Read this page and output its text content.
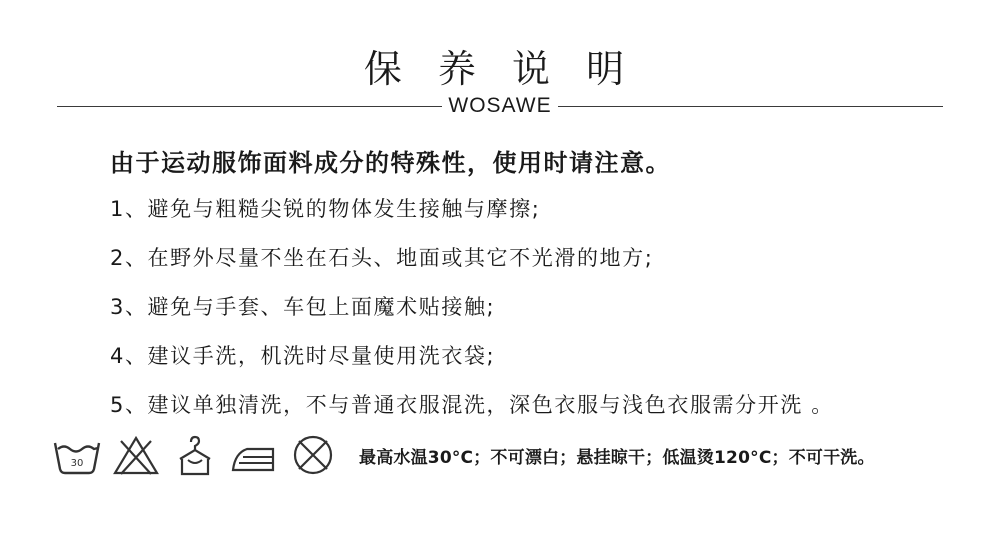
保 养 说 明
WOSAWE
由于运动服饰面料成分的特殊性，使用时请注意。
1、避免与粗糙尖锐的物体发生接触与摩擦;
2、在野外尽量不坐在石头、地面或其它不光滑的地方;
3、避免与手套、车包上面魔术贴接触;
4、建议手洗，机洗时尽量使用洗衣袋;
5、建议单独清洗，不与普通衣服混洗，深色衣服与浅色衣服需分开洗 。
30	最高水温30°C；不可漂白；悬挂晾干；低温烫120°C；不可干洗。
